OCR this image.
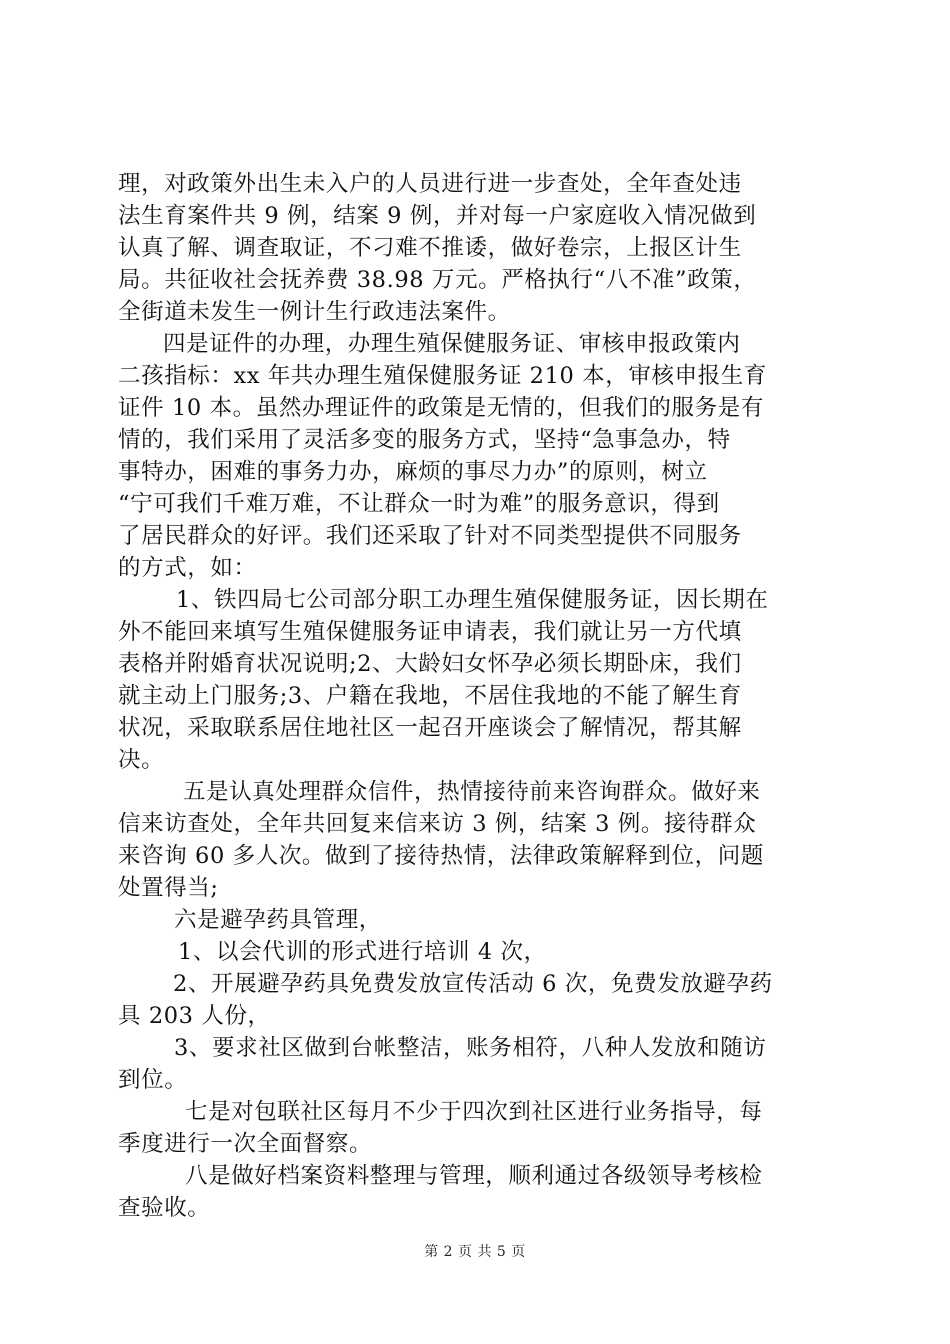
理，对政策外出生未入户的人员进行进一步查处，全年查处违
法生育案件共 9 例，结案 9 例，并对每一户家庭收入情况做到
认真了解、调查取证，不刁难不推诿，做好卷宗，上报区计生
局。共征收社会抚养费 38.98 万元。严格执行“八不准”政策，
全街道未发生一例计生行政违法案件。
四是证件的办理，办理生殖保健服务证、审核申报政策内
二孩指标：xx 年共办理生殖保健服务证 210 本，审核申报生育
证件 10 本。虽然办理证件的政策是无情的，但我们的服务是有
情的，我们采用了灵活多变的服务方式，坚持“急事急办，特
事特办，困难的事务力办，麻烦的事尽力办”的原则，树立
“宁可我们千难万难，不让群众一时为难”的服务意识，得到
了居民群众的好评。我们还采取了针对不同类型提供不同服务
的方式，如：
1、铁四局七公司部分职工办理生殖保健服务证，因长期在
外不能回来填写生殖保健服务证申请表，我们就让另一方代填
表格并附婚育状况说明;2、大龄妇女怀孕必须长期卧床，我们
就主动上门服务;3、户籍在我地，不居住我地的不能了解生育
状况，采取联系居住地社区一起召开座谈会了解情况，帮其解
决。
五是认真处理群众信件，热情接待前来咨询群众。做好来
信来访查处，全年共回复来信来访 3 例，结案 3 例。接待群众
来咨询 60 多人次。做到了接待热情，法律政策解释到位，问题
处置得当;
六是避孕药具管理，
1、以会代训的形式进行培训 4 次，
2、开展避孕药具免费发放宣传活动 6 次，免费发放避孕药
具 203 人份，
3、要求社区做到台帐整洁，账务相符，八种人发放和随访
到位。
七是对包联社区每月不少于四次到社区进行业务指导，每
季度进行一次全面督察。
八是做好档案资料整理与管理，顺利通过各级领导考核检
查验收。
第 2 页 共 5 页
